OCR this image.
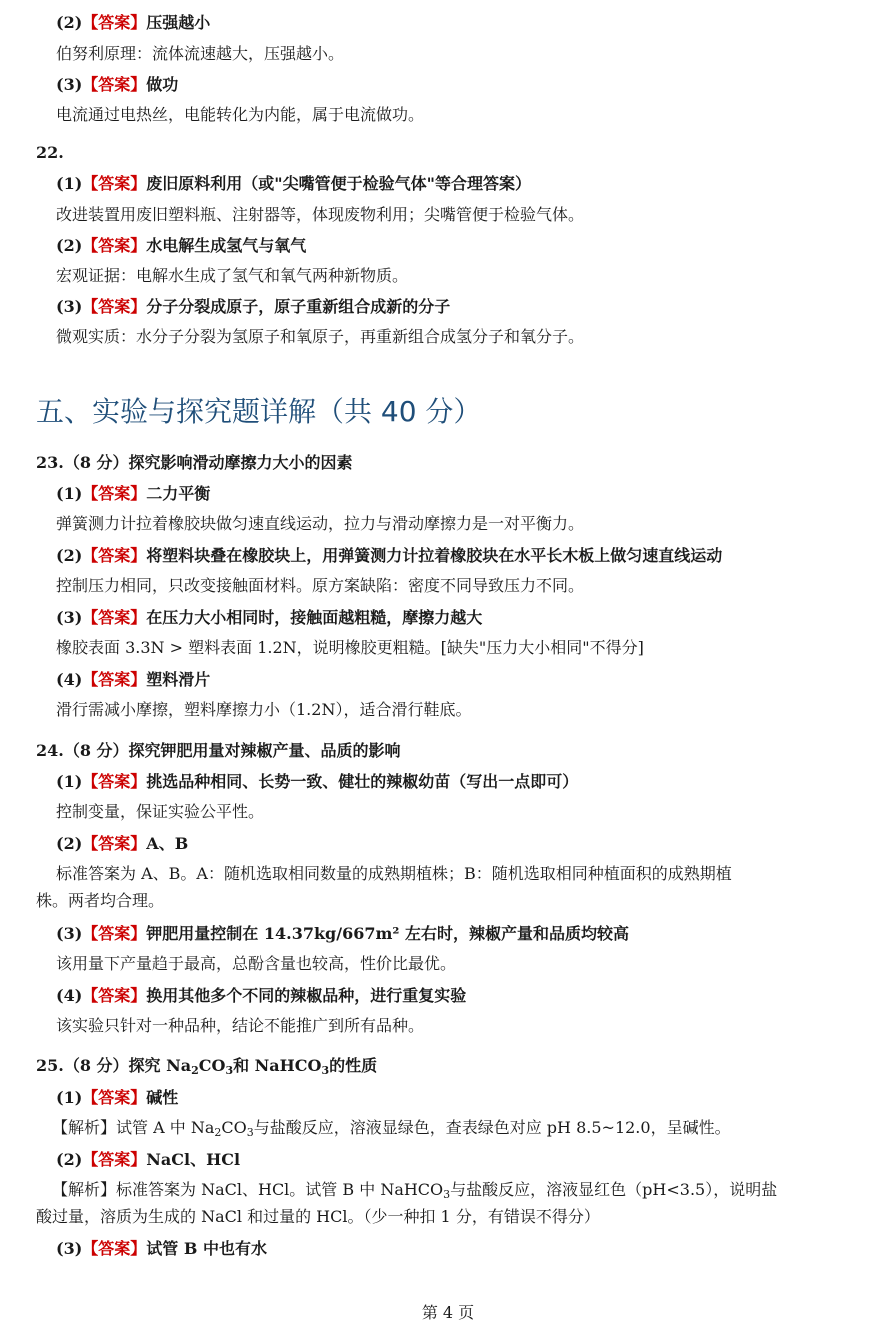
(2)【答案】压强越小
伯努利原理：流体流速越大，压强越小。
(3)【答案】做功
电流通过电热丝，电能转化为内能，属于电流做功。
22.
(1)【答案】废旧原料利用（或"尖嘴管便于检验气体"等合理答案）
改进装置用废旧塑料瓶、注射器等，体现废物利用；尖嘴管便于检验气体。
(2)【答案】水电解生成氢气与氧气
宏观证据：电解水生成了氢气和氧气两种新物质。
(3)【答案】分子分裂成原子，原子重新组合成新的分子
微观实质：水分子分裂为氢原子和氧原子，再重新组合成氢分子和氧分子。
五、实验与探究题详解（共 40 分）
23.（8 分）探究影响滑动摩擦力大小的因素
(1)【答案】二力平衡
弹簧测力计拉着橡胶块做匀速直线运动，拉力与滑动摩擦力是一对平衡力。
(2)【答案】将塑料块叠在橡胶块上，用弹簧测力计拉着橡胶块在水平长木板上做匀速直线运动
控制压力相同，只改变接触面材料。原方案缺陷：密度不同导致压力不同。
(3)【答案】在压力大小相同时，接触面越粗糙，摩擦力越大
橡胶表面 3.3N > 塑料表面 1.2N，说明橡胶更粗糙。[缺失"压力大小相同"不得分]
(4)【答案】塑料滑片
滑行需减小摩擦，塑料摩擦力小（1.2N），适合滑行鞋底。
24.（8 分）探究钾肥用量对辣椒产量、品质的影响
(1)【答案】挑选品种相同、长势一致、健壮的辣椒幼苗（写出一点即可）
控制变量，保证实验公平性。
(2)【答案】A、B
标准答案为 A、B。A：随机选取相同数量的成熟期植株；B：随机选取相同种植面积的成熟期植
株。两者均合理。
(3)【答案】钾肥用量控制在 14.37kg/667m² 左右时，辣椒产量和品质均较高
该用量下产量趋于最高，总酚含量也较高，性价比最优。
(4)【答案】换用其他多个不同的辣椒品种，进行重复实验
该实验只针对一种品种，结论不能推广到所有品种。
25.（8 分）探究 $Na_2CO_3$和 NaHCO$_3$的性质
(1)【答案】碱性
【解析】试管 A 中 $Na_2CO_3$与盐酸反应，溶液显绿色，查表绿色对应 pH 8.5~12.0，呈碱性。
(2)【答案】NaCl、HCl
【解析】标准答案为 NaCl、HCl。试管 B 中 NaHCO$_3$与盐酸反应，溶液显红色（pH<3.5），说明盐
酸过量，溶质为生成的 NaCl 和过量的 HCl。（少一种扣 1 分，有错误不得分）
(3)【答案】试管 B 中也有水
第 4 页
